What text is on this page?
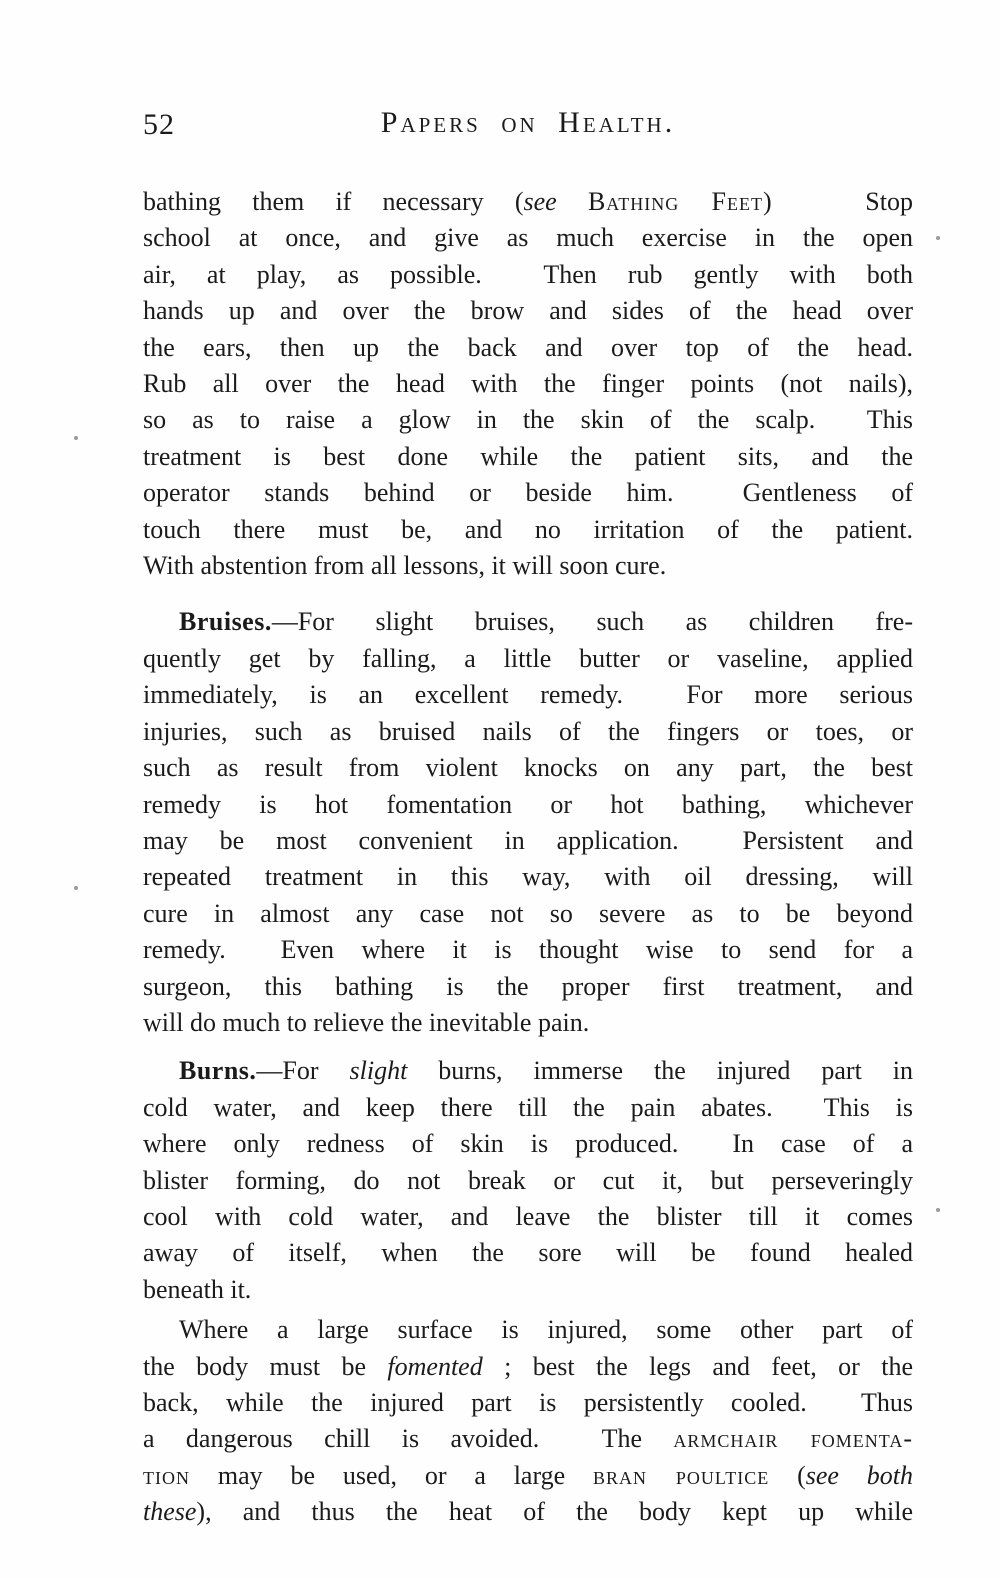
52	Papers on Health.
bathing them if necessary (see Bathing Feet)   Stop
school at once, and give as much exercise in the open
air, at play, as possible.  Then rub gently with both
hands up and over the brow and sides of the head over
the ears, then up the back and over top of the head.
Rub all over the head with the finger points (not nails),
so as to raise a glow in the skin of the scalp.  This
treatment is best done while the patient sits, and the
operator stands behind or beside him.  Gentleness of
touch there must be, and no irritation of the patient.
With abstention from all lessons, it will soon cure.
Bruises.—For slight bruises, such as children fre-
quently get by falling, a little butter or vaseline, applied
immediately, is an excellent remedy.  For more serious
injuries, such as bruised nails of the fingers or toes, or
such as result from violent knocks on any part, the best
remedy is hot fomentation or hot bathing, whichever
may be most convenient in application.  Persistent and
repeated treatment in this way, with oil dressing, will
cure in almost any case not so severe as to be beyond
remedy.  Even where it is thought wise to send for a
surgeon, this bathing is the proper first treatment, and
will do much to relieve the inevitable pain.
Burns.—For slight burns, immerse the injured part in
cold water, and keep there till the pain abates.  This is
where only redness of skin is produced.  In case of a
blister forming, do not break or cut it, but perseveringly
cool with cold water, and leave the blister till it comes
away of itself, when the sore will be found healed
beneath it.
Where a large surface is injured, some other part of
the body must be fomented ; best the legs and feet, or the
back, while the injured part is persistently cooled.  Thus
a dangerous chill is avoided.  The armchair fomenta-
tion may be used, or a large bran poultice (see both
these), and thus the heat of the body kept up while
